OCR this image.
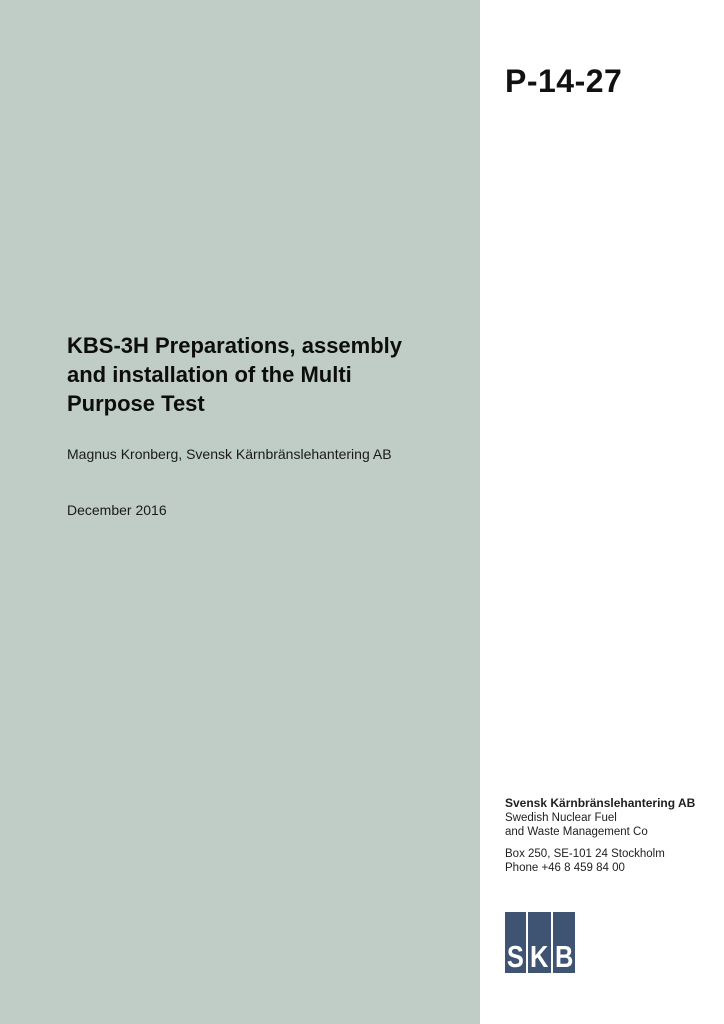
P-14-27
KBS-3H Preparations, assembly
and installation of the Multi
Purpose Test
Magnus Kronberg, Svensk Kärnbränslehantering AB
December 2016
Svensk Kärnbränslehantering AB
Swedish Nuclear Fuel
and Waste Management Co
Box 250, SE-101 24 Stockholm
Phone +46 8 459 84 00
S K B
